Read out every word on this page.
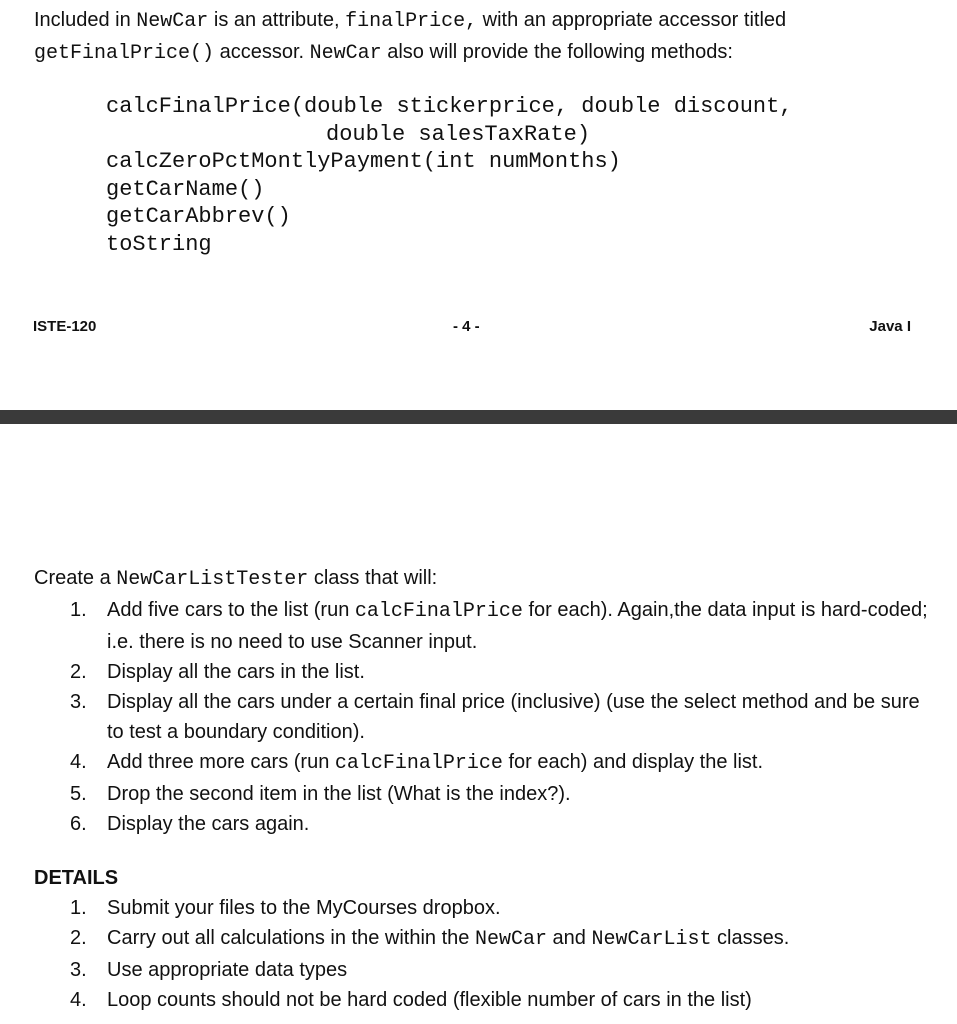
Included in NewCar is an attribute, finalPrice, with an appropriate accessor titled
getFinalPrice() accessor. NewCar also will provide the following methods:

calcFinalPrice(double stickerprice, double discount,
double salesTaxRate)
calcZeroPctMontlyPayment(int numMonths)
getCarName()
getCarAbbrev()
toString
ISTE-120	- 4 -	Java I

Create a NewCarListTester class that will:

1. Add five cars to the list (run calcFinalPrice for each). Again,the data input is hard-coded; i.e. there is no need to use Scanner input.
2. Display all the cars in the list.
3. Display all the cars under a certain final price (inclusive) (use the select method and be sure to test a boundary condition).
4. Add three more cars (run calcFinalPrice for each) and display the list.
5. Drop the second item in the list (What is the index?).
6. Display the cars again.
DETAILS
1. Submit your files to the MyCourses dropbox.
2. Carry out all calculations in the within the NewCar and NewCarList classes.
3. Use appropriate data types
4. Loop counts should not be hard coded (flexible number of cars in the list)
